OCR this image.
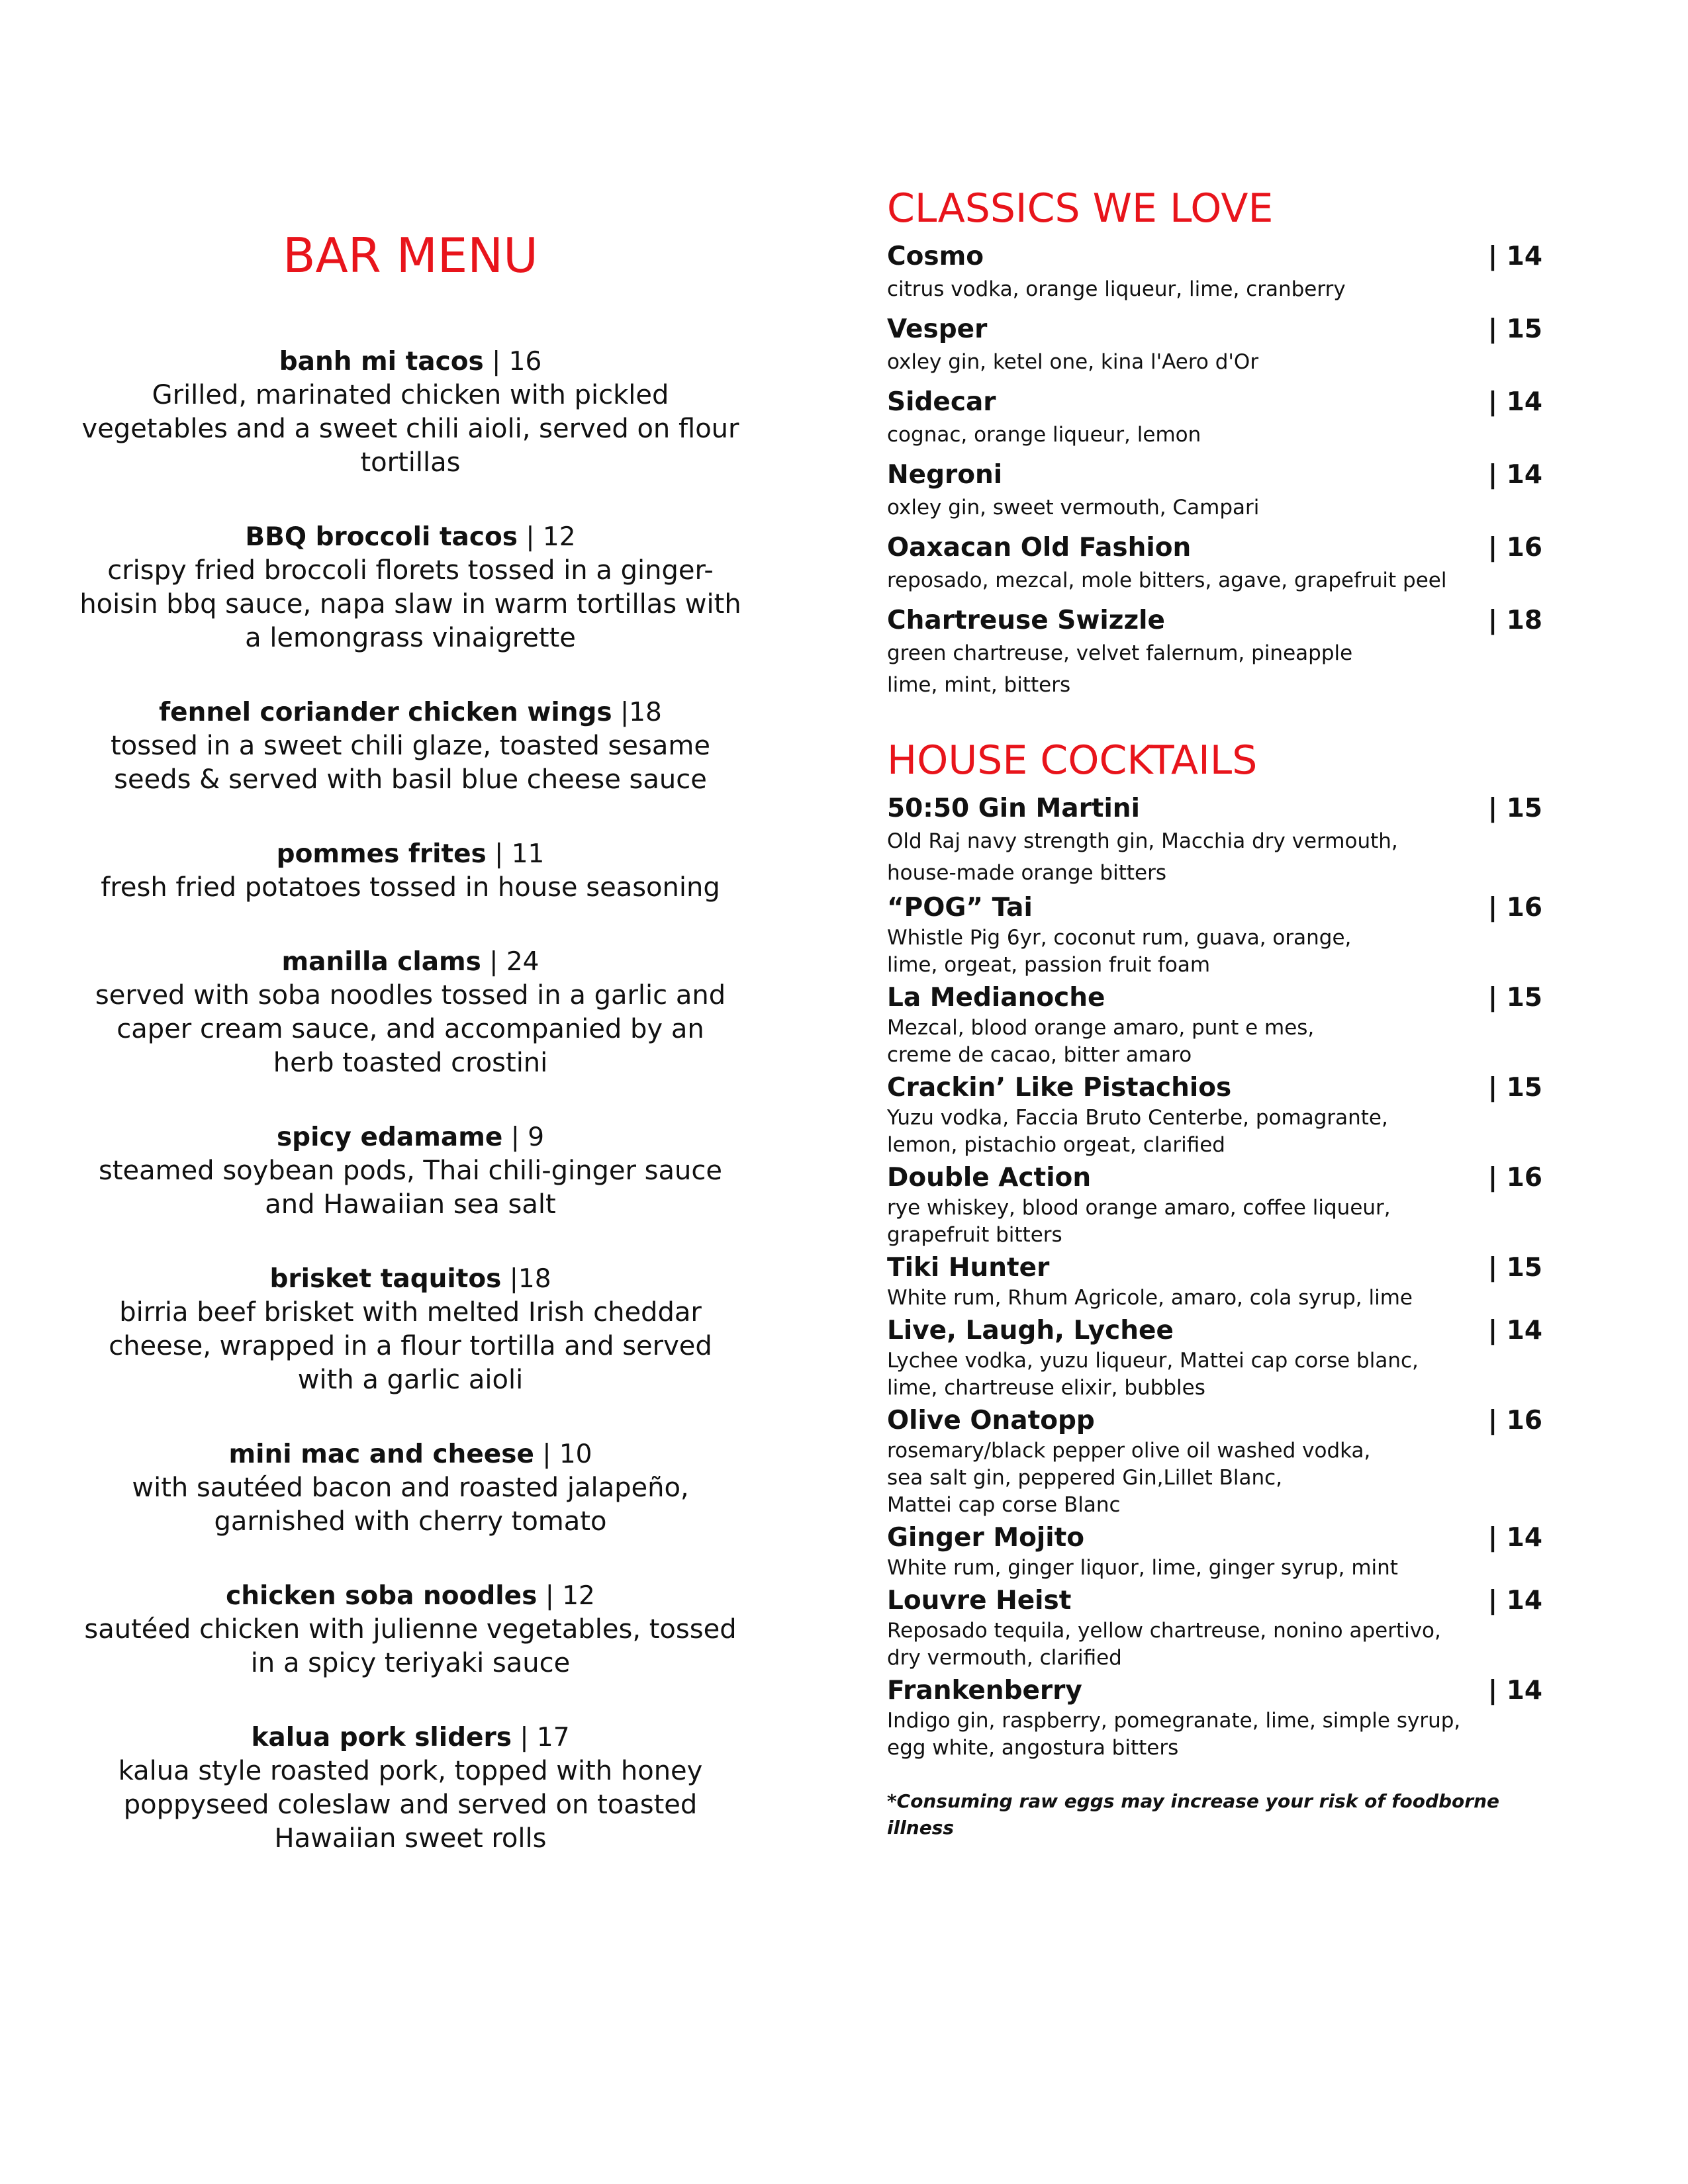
BAR MENU
banh mi tacos | 16
Grilled, marinated chicken with pickled
vegetables and a sweet chili aioli, served on flour
tortillas
BBQ broccoli tacos | 12
crispy fried broccoli florets tossed in a ginger-
hoisin bbq sauce, napa slaw in warm tortillas with
a lemongrass vinaigrette
fennel coriander chicken wings |18
tossed in a sweet chili glaze, toasted sesame
seeds & served with basil blue cheese sauce
pommes frites | 11
fresh fried potatoes tossed in house seasoning
manilla clams | 24
served with soba noodles tossed in a garlic and
caper cream sauce, and accompanied by an
herb toasted crostini
spicy edamame | 9
steamed soybean pods, Thai chili-ginger sauce
and Hawaiian sea salt
brisket taquitos |18
birria beef brisket with melted Irish cheddar
cheese, wrapped in a flour tortilla and served
with a garlic aioli
mini mac and cheese | 10
with sautéed bacon and roasted jalapeño,
garnished with cherry tomato
chicken soba noodles | 12
sautéed chicken with julienne vegetables, tossed
in a spicy teriyaki sauce
kalua pork sliders | 17
kalua style roasted pork, topped with honey
poppyseed coleslaw and served on toasted
Hawaiian sweet rolls
CLASSICS WE LOVE
Cosmo	| 14
citrus vodka, orange liqueur, lime, cranberry
Vesper	| 15
oxley gin, ketel one, kina l'Aero d'Or
Sidecar	| 14
cognac, orange liqueur, lemon
Negroni	| 14
oxley gin, sweet vermouth, Campari
Oaxacan Old Fashion	| 16
reposado, mezcal, mole bitters, agave, grapefruit peel
Chartreuse Swizzle	| 18
green chartreuse, velvet falernum, pineapple
lime, mint, bitters
HOUSE COCKTAILS
50:50 Gin Martini	| 15
Old Raj navy strength gin, Macchia dry vermouth,
house-made orange bitters
“POG” Tai	| 16
Whistle Pig 6yr, coconut rum, guava, orange,
lime, orgeat, passion fruit foam
La Medianoche	| 15
Mezcal, blood orange amaro, punt e mes,
creme de cacao, bitter amaro
Crackin’ Like Pistachios	| 15
Yuzu vodka, Faccia Bruto Centerbe, pomagrante,
lemon, pistachio orgeat, clarified
Double Action	| 16
rye whiskey, blood orange amaro, coffee liqueur,
grapefruit bitters
Tiki Hunter	| 15
White rum, Rhum Agricole, amaro, cola syrup, lime
Live, Laugh, Lychee	| 14
Lychee vodka, yuzu liqueur, Mattei cap corse blanc,
lime, chartreuse elixir, bubbles
Olive Onatopp	| 16
rosemary/black pepper olive oil washed vodka,
sea salt gin, peppered Gin,Lillet Blanc,
Mattei cap corse Blanc
Ginger Mojito	| 14
White rum, ginger liquor, lime, ginger syrup, mint
Louvre Heist	| 14
Reposado tequila, yellow chartreuse, nonino apertivo,
dry vermouth, clarified
Frankenberry	| 14
Indigo gin, raspberry, pomegranate, lime, simple syrup,
egg white, angostura bitters
*Consuming raw eggs may increase your risk of foodborne illness
